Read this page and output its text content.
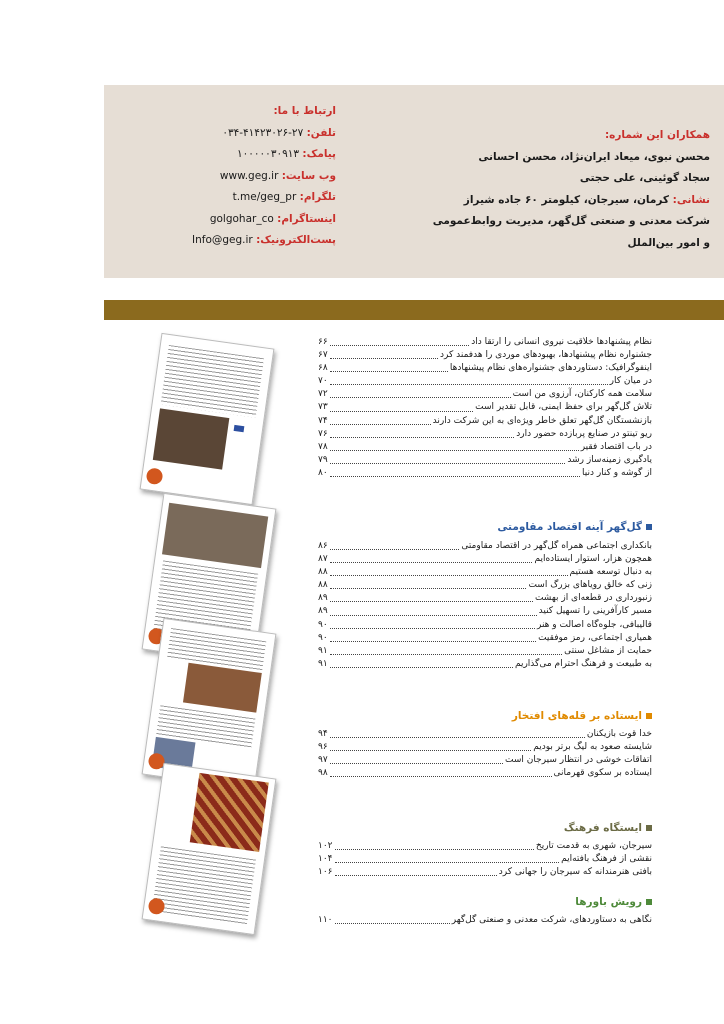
همکاران این شماره:
محسن نبوی، میعاد ایران‌نژاد، محسن احسانی
سجاد گوئینی، علی حجتی
نشانی: کرمان، سیرجان، کیلومتر ۶۰ جاده شیراز
شرکت معدنی و صنعتی گل‌گهر، مدیریت روابط‌عمومی
و امور بین‌الملل
ارتباط با ما:
تلفن: ۰۳۴-۴۱۴۲۳۰۲۶-۲۷
پیامک: ۱۰۰۰۰۰۳۰۹۱۳
وب سایت: www.geg.ir
تلگرام: t.me/geg_pr
اینستاگرام: golgohar_co
پست‌الکترونیک: Info@geg.ir
نظام پیشنهادها خلاقیت نیروی انسانی را ارتقا داد
۶۶
جشنواره نظام پیشنهادها، بهبودهای موردی را هدفمند کرد
۶۷
اینفوگرافیک: دستاوردهای جشنواره‌های نظام پیشنهادها
۶۸
در میان کار
۷۰
سلامت همه کارکنان، آرزوی من است
۷۲
تلاش گل‌گهر برای حفظ ایمنی، قابل تقدیر است
۷۳
بازنشستگان گل‌گهر تعلق خاطر ویژه‌ای به این شرکت دارند
۷۴
ریو تینتو در صنایع پربازده حضور دارد
۷۶
در باب اقتصاد فقیر
۷۸
یادگیری زمینه‌ساز رشد
۷۹
از گوشه و کنار دنیا
۸۰
گل‌گهر آینه اقتصاد مقاومتی
بانکداری اجتماعی همراه گل‌گهر در اقتصاد مقاومتی
۸۶
همچون هزار، استوار ایستاده‌ایم
۸۷
به دنبال توسعه هستیم
۸۸
زنی که خالق رویاهای بزرگ است
۸۸
زنبورداری در قطعه‌ای از بهشت
۸۹
مسیر کارآفرینی را تسهیل کنید
۸۹
قالیبافی، جلوه‌گاه اصالت و هنر
۹۰
همیاری اجتماعی، رمز موفقیت
۹۰
حمایت از مشاغل سنتی
۹۱
به طبیعت و فرهنگ احترام می‌گذاریم
۹۱
ایستاده بر قله‌های افتخار
خدا قوت بازیکنان
۹۴
شایسته صعود به لیگ برتر بودیم
۹۶
اتفاقات خوشی در انتظار سیرجان است
۹۷
ایستاده بر سکوی قهرمانی
۹۸
ایستگاه فرهنگ
سیرجان، شهری به قدمت تاریخ
۱۰۲
نقشی از فرهنگ بافته‌ایم
۱۰۴
بافتی هنرمندانه که سیرجان را جهانی کرد
۱۰۶
رویش باورها
نگاهی به دستاوردهای، شرکت معدنی و صنعتی گل‌گهر
۱۱۰
